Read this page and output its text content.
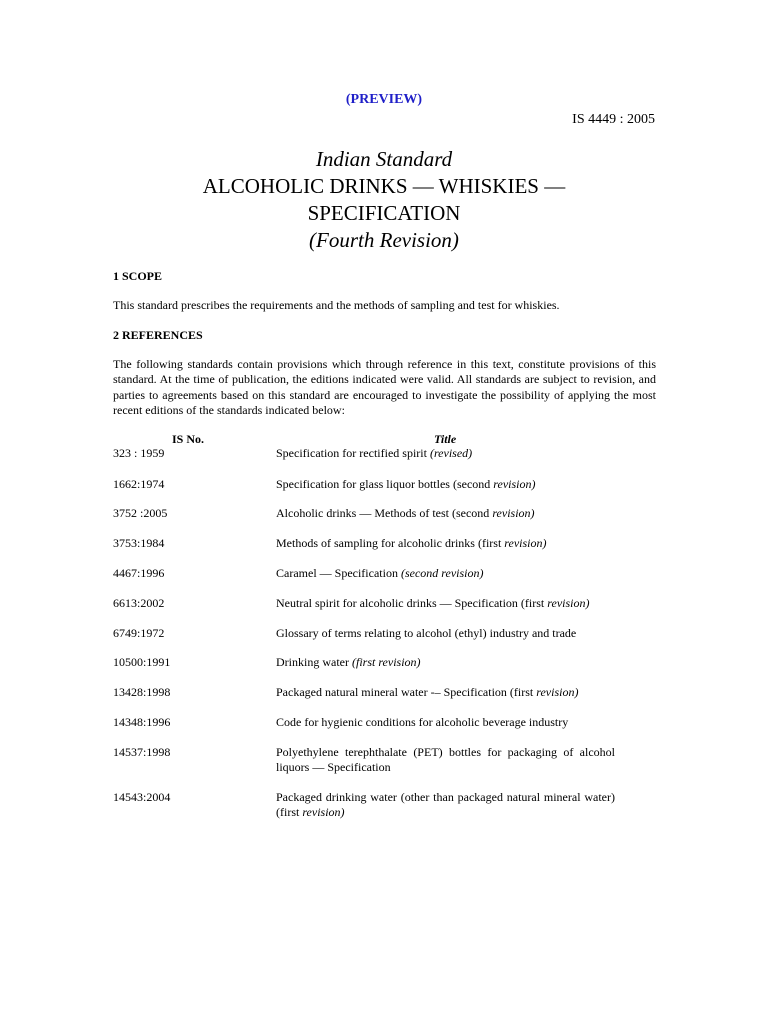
(PREVIEW)
IS 4449 : 2005
Indian Standard
ALCOHOLIC DRINKS — WHISKIES —
SPECIFICATION
(Fourth Revision)
1 SCOPE
This standard prescribes the requirements and the methods of sampling and test for whiskies.
2 REFERENCES
The following standards contain provisions which through reference in this text, constitute provisions of this standard. At the time of publication, the editions indicated were valid. All standards are subject to revision, and parties to agreements based on this standard are encouraged to investigate the possibility of applying the most recent editions of the standards indicated below:
IS No.	Title
323 : 1959	Specification for rectified spirit (revised)
1662:1974	Specification for glass liquor bottles (second revision)
3752 :2005	Alcoholic drinks — Methods of test (second revision)
3753:1984	Methods of sampling for alcoholic drinks (first revision)
4467:1996	Caramel — Specification (second revision)
6613:2002	Neutral spirit for alcoholic drinks — Specification (first revision)
6749:1972	Glossary of terms relating to alcohol (ethyl) industry and trade
10500:1991	Drinking water (first revision)
13428:1998	Packaged natural mineral water -– Specification (first revision)
14348:1996	Code for hygienic conditions for alcoholic beverage industry
14537:1998	Polyethylene terephthalate (PET) bottles for packaging of alcohol liquors — Specification
14543:2004	Packaged drinking water (other than packaged natural mineral water) (first revision)
